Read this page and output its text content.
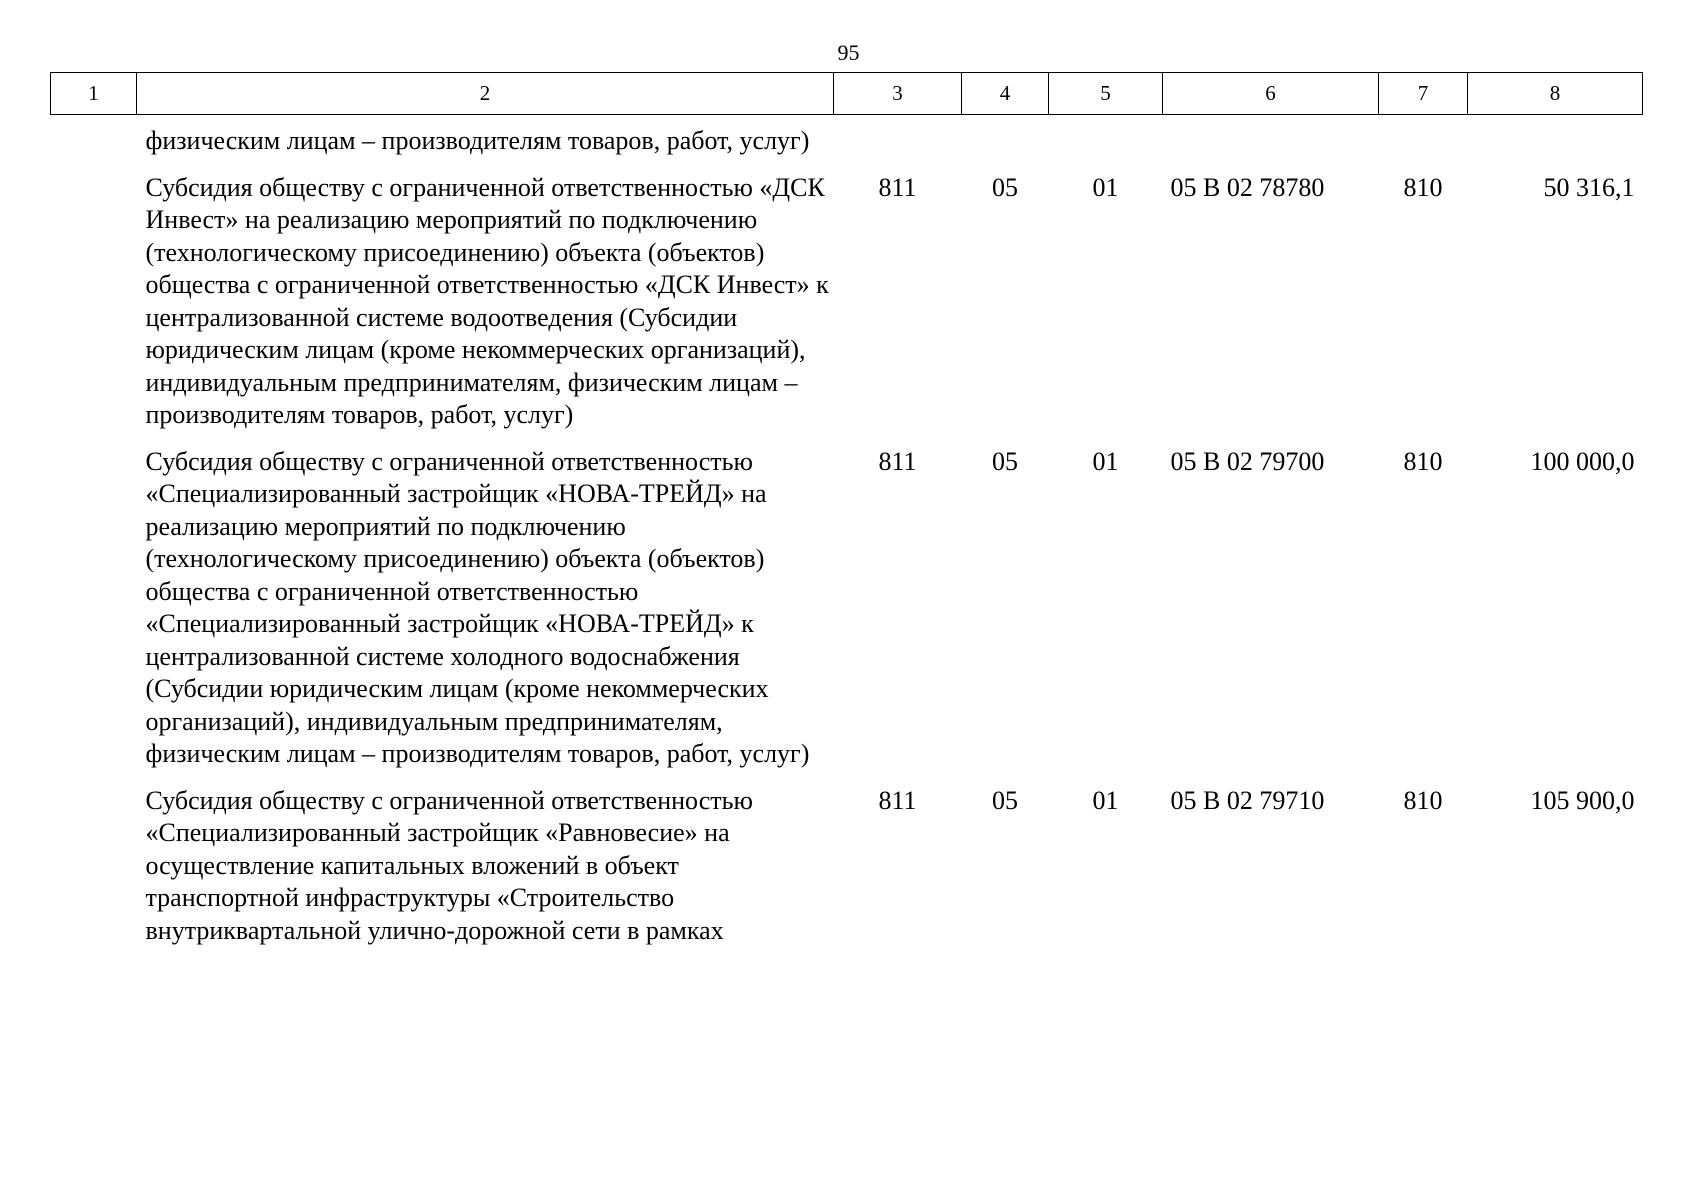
95
1	2	3	4	5	6	7	8
	физическим лицам – производителям товаров, работ, услуг)						
	Субсидия обществу с ограниченной ответственностью «ДСК Инвест» на реализацию мероприятий по подключению (технологическому присоединению) объекта (объектов) общества с ограниченной ответственностью «ДСК Инвест» к централизованной системе водоотведения (Субсидии юридическим лицам (кроме некоммерческих организаций), индивидуальным предпринимателям, физическим лицам – производителям товаров, работ, услуг)	811	05	01	05 В 02 78780	810	50 316,1
	Субсидия обществу с ограниченной ответственностью «Специализированный застройщик «НОВА-ТРЕЙД» на реализацию мероприятий по подключению (технологическому присоединению) объекта (объектов) общества с ограниченной ответственностью «Специализированный застройщик «НОВА-ТРЕЙД» к централизованной системе холодного водоснабжения (Субсидии юридическим лицам (кроме некоммерческих организаций), индивидуальным предпринимателям, физическим лицам – производителям товаров, работ, услуг)	811	05	01	05 В 02 79700	810	100 000,0
	Субсидия обществу с ограниченной ответственностью «Специализированный застройщик «Равновесие» на осуществление капитальных вложений в объект транспортной инфраструктуры «Строительство внутриквартальной улично-дорожной сети в рамках	811	05	01	05 В 02 79710	810	105 900,0
